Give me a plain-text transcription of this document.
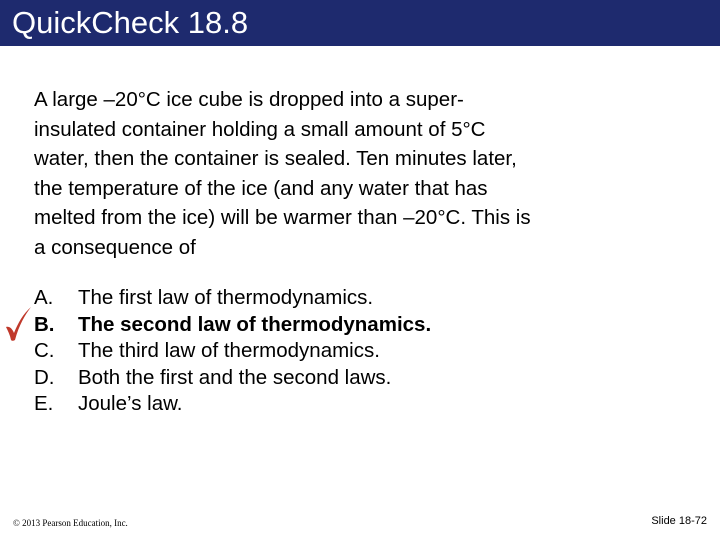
QuickCheck 18.8
A large –20°C ice cube is dropped into a super-
insulated container holding a small amount of 5°C
water, then the container is sealed. Ten minutes later,
the temperature of the ice (and any water that has
melted from the ice) will be warmer than –20°C. This is
a consequence of
A. The first law of thermodynamics.
B. The second law of thermodynamics.
C. The third law of thermodynamics.
D. Both the first and the second laws.
E. Joule’s law.
© 2013 Pearson Education, Inc.	Slide 18-72
